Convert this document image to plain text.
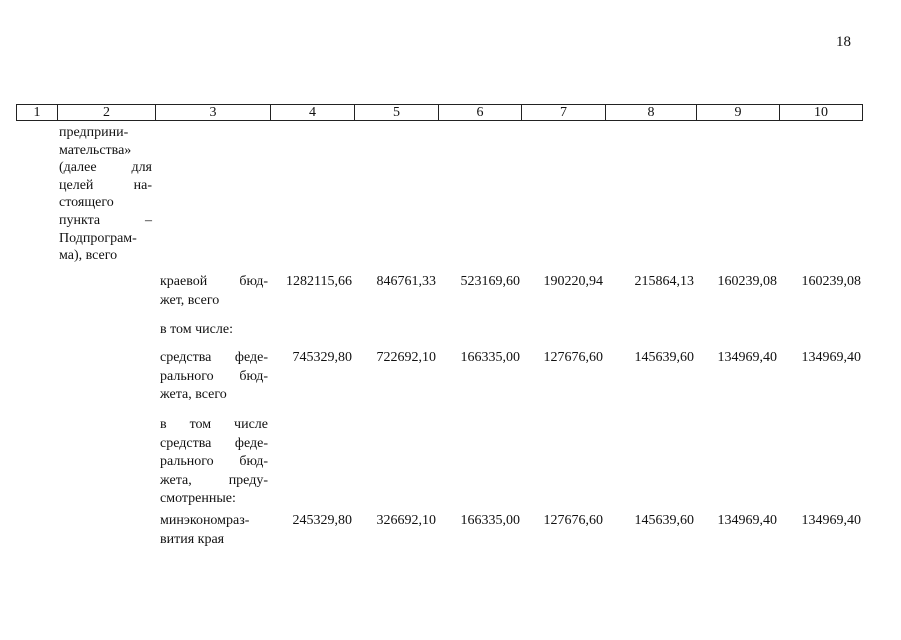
18
1	2	3	4	5	6	7	8	9	10
предприни-
мательства»
(далее для
целей на-
стоящего
пункта –
Подпрограм-
ма), всего
краевой бюд-
жет, всего
1282115,66 846761,33 523169,60 190220,94 215864,13 160239,08 160239,08
в том числе:
средства феде-
рального бюд-
жета, всего
745329,80 722692,10 166335,00 127676,60 145639,60 134969,40 134969,40
в том числе
средства феде-
рального бюд-
жета, преду-
смотренные:
минэкономраз-
вития края
245329,80 326692,10 166335,00 127676,60 145639,60 134969,40 134969,40
